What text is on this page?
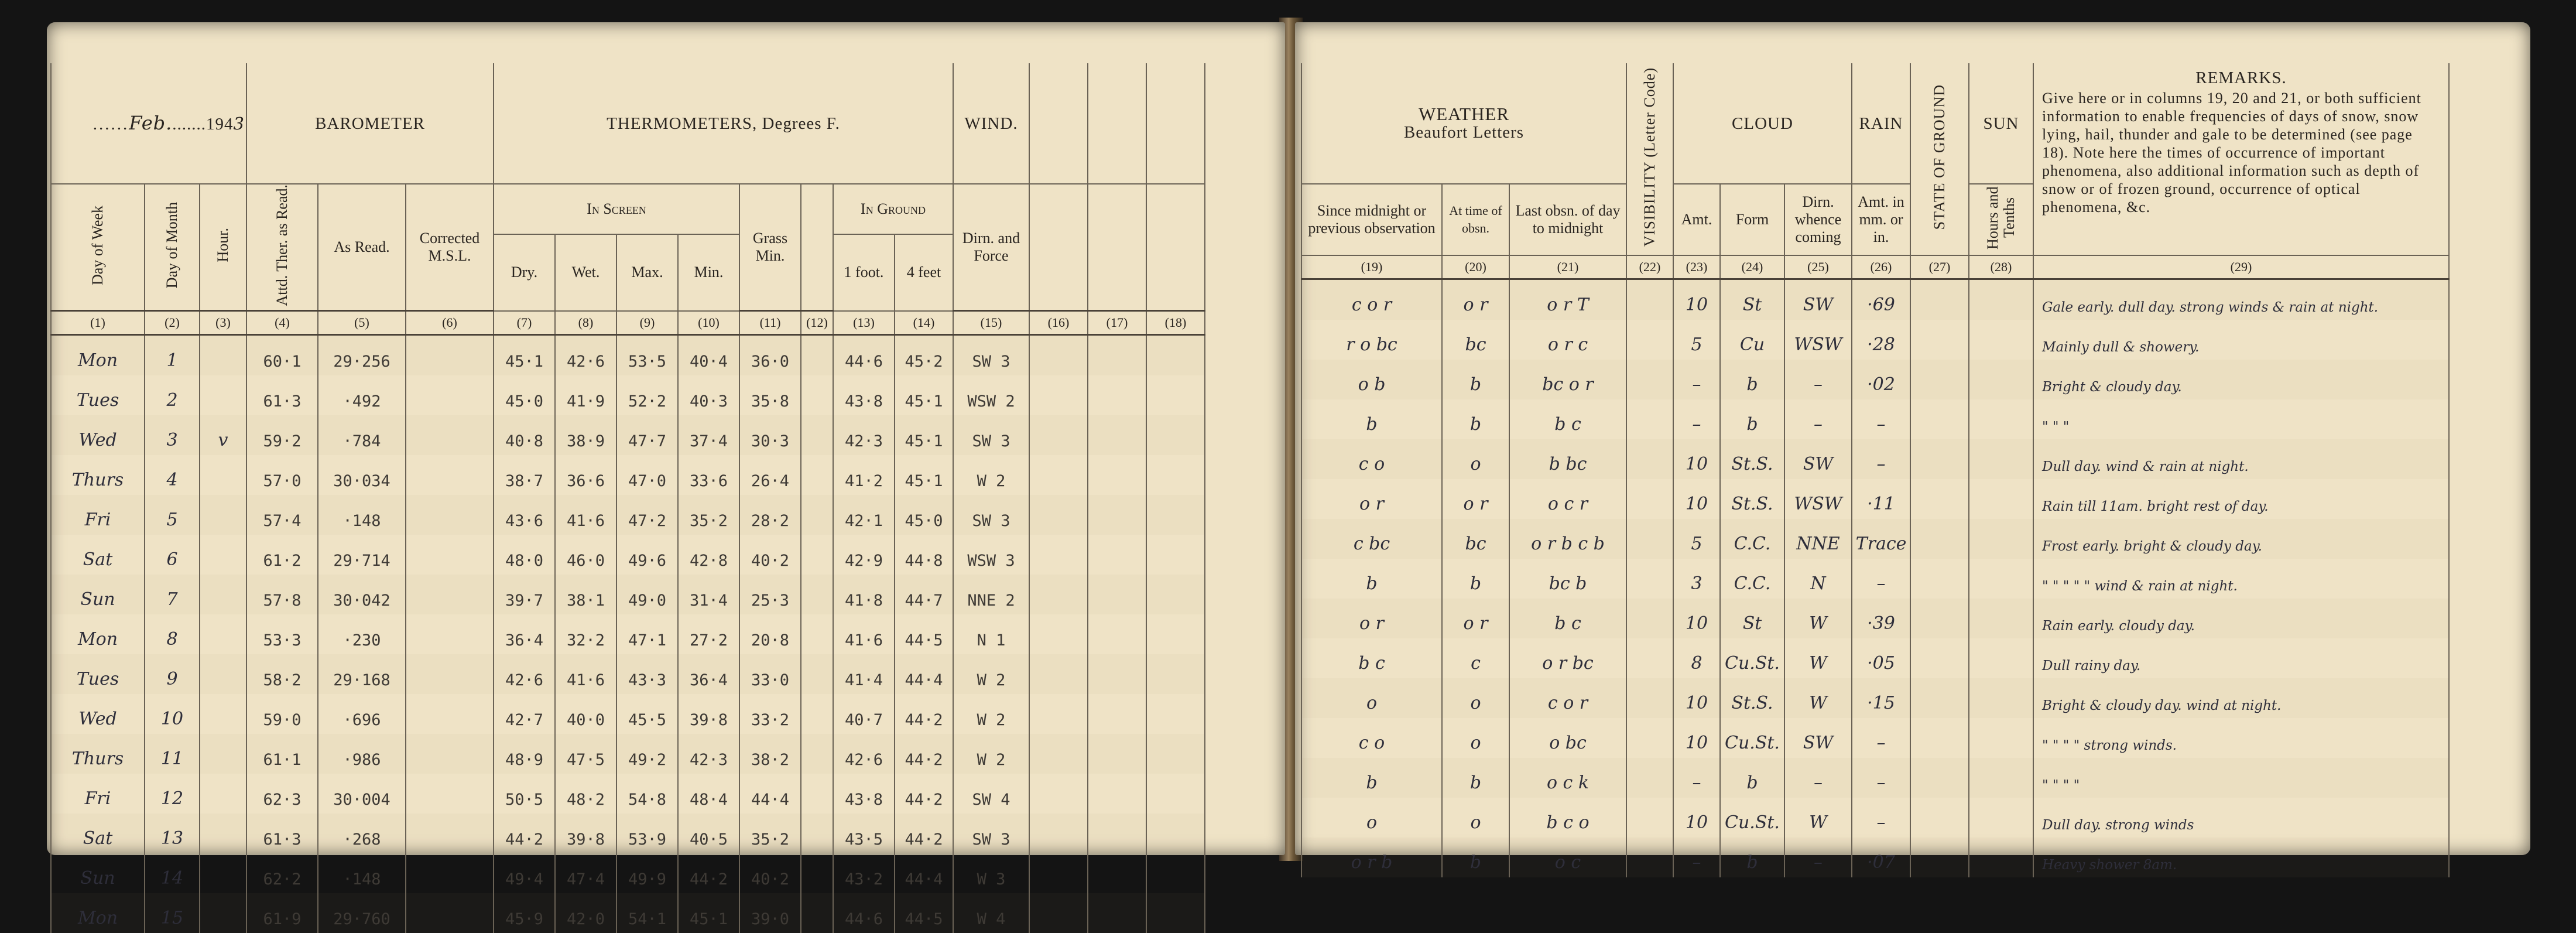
......Feb........1943			BAROMETER			THERMOMETERS, Degrees F.								WIND.			
Day of Week	Day of Month	Hour.	Attd. Ther. as Read.	As Read.	Corrected M.S.L.	In Screen				Grass Min.		In Ground		Dirn. and Force			
						Dry.	Wet.	Max.	Min.			1 foot.	4 feet				
(1)	(2)	(3)	(4)	(5)	(6)	(7)	(8)	(9)	(10)	(11)	(12)	(13)	(14)	(15)	(16)	(17)	(18)
Mon	1		60·1	29·256		45·1	42·6	53·5	40·4	36·0		44·6	45·2	SW 3			
Tues	2		61·3	·492		45·0	41·9	52·2	40·3	35·8		43·8	45·1	WSW 2			
Wed	3	v	59·2	·784		40·8	38·9	47·7	37·4	30·3		42·3	45·1	SW 3			
Thurs	4		57·0	30·034		38·7	36·6	47·0	33·6	26·4		41·2	45·1	W 2			
Fri	5		57·4	·148		43·6	41·6	47·2	35·2	28·2		42·1	45·0	SW 3			
Sat	6		61·2	29·714		48·0	46·0	49·6	42·8	40·2		42·9	44·8	WSW 3			
Sun	7		57·8	30·042		39·7	38·1	49·0	31·4	25·3		41·8	44·7	NNE 2			
Mon	8		53·3	·230		36·4	32·2	47·1	27·2	20·8		41·6	44·5	N 1			
Tues	9		58·2	29·168		42·6	41·6	43·3	36·4	33·0		41·4	44·4	W 2			
Wed	10		59·0	·696		42·7	40·0	45·5	39·8	33·2		40·7	44·2	W 2			
Thurs	11		61·1	·986		48·9	47·5	49·2	42·3	38·2		42·6	44·2	W 2			
Fri	12		62·3	30·004		50·5	48·2	54·8	48·4	44·4		43·8	44·2	SW 4			
Sat	13		61·3	·268		44·2	39·8	53·9	40·5	35·2		43·5	44·2	SW 3			
Sun	14		62·2	·148		49·4	47·4	49·9	44·2	40·2		43·2	44·4	W 3			
Mon	15		61·9	29·760		45·9	42·0	54·1	45·1	39·0		44·6	44·5	W 4			
WEATHER
Beaufort Letters			VISIBILITY (Letter Code)	CLOUD			RAIN	STATE OF GROUND	SUN	REMARKS.
Give here or in columns 19, 20 and 21, or both sufficient information to enable frequencies of days of snow, snow lying, hail, thunder and gale to be determined (see page 18). Note here the times of occurrence of important phenomena, also additional information such as depth of snow or of frozen ground, occurrence of optical phenomena, &c.

Since midnight or previous observation	At time of obsn.	Last obsn. of day to midnight		Amt.	Form	Dirn. whence coming	Amt. in mm. or in.		Hours and Tenths	
(19)	(20)	(21)	(22)	(23)	(24)	(25)	(26)	(27)	(28)	(29)
c o r	o r	o r T		10	St	SW	·69			Gale early. dull day. strong winds & rain at night.
r o bc	bc	o r c		5	Cu	WSW	·28			Mainly dull & showery.
o b	b	bc o r		–	b	–	·02			Bright & cloudy day.
b	b	b c		–	b	–	–			" " "
c o	o	b bc		10	St.S.	SW	–			Dull day. wind & rain at night.
o r	o r	o c r		10	St.S.	WSW	·11			Rain till 11am. bright rest of day.
c bc	bc	o r b c b		5	C.C.	NNE	Trace			Frost early. bright & cloudy day.
b	b	bc b		3	C.C.	N	–			" " " " " wind & rain at night.
o r	o r	b c		10	St	W	·39			Rain early. cloudy day.
b c	c	o r bc		8	Cu.St.	W	·05			Dull rainy day.
o	o	c o r		10	St.S.	W	·15			Bright & cloudy day. wind at night.
c o	o	o bc		10	Cu.St.	SW	–			" " " " strong winds.
b	b	o c k		–	b	–	–			" " " "
o	o	b c o		10	Cu.St.	W	–			Dull day. strong winds
o r b	b	o c		–	b	–	·07			Heavy shower 8am.
